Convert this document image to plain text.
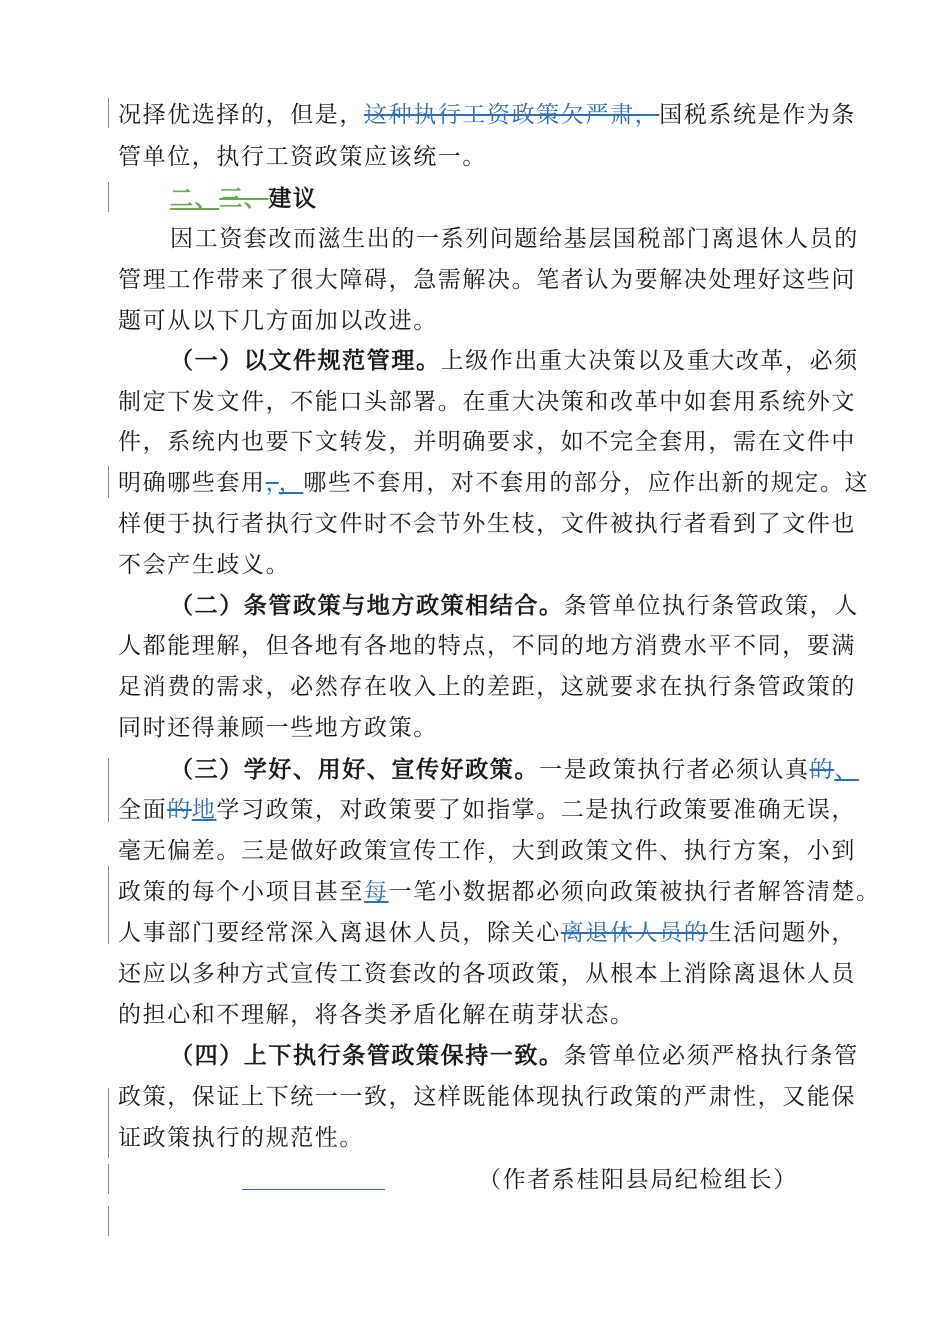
况择优选择的，但是，这种执行工资政策欠严肃，国税系统是作为条
管单位，执行工资政策应该统一。
二、三、建议
因工资套改而滋生出的一系列问题给基层国税部门离退休人员的
管理工作带来了很大障碍，急需解决。笔者认为要解决处理好这些问
题可从以下几方面加以改进。
（一）以文件规范管理。上级作出重大决策以及重大改革，必须
制定下发文件，不能口头部署。在重大决策和改革中如套用系统外文
件，系统内也要下文转发，并明确要求，如不完全套用，需在文件中
明确哪些套用，，哪些不套用，对不套用的部分，应作出新的规定。这
样便于执行者执行文件时不会节外生枝，文件被执行者看到了文件也
不会产生歧义。
（二）条管政策与地方政策相结合。条管单位执行条管政策，人
人都能理解，但各地有各地的特点，不同的地方消费水平不同，要满
足消费的需求，必然存在收入上的差距，这就要求在执行条管政策的
同时还得兼顾一些地方政策。
（三）学好、用好、宣传好政策。一是政策执行者必须认真的、
全面的地学习政策，对政策要了如指掌。二是执行政策要准确无误，
毫无偏差。三是做好政策宣传工作，大到政策文件、执行方案，小到
政策的每个小项目甚至每一笔小数据都必须向政策被执行者解答清楚。
人事部门要经常深入离退休人员，除关心离退休人员的生活问题外，
还应以多种方式宣传工资套改的各项政策，从根本上消除离退休人员
的担心和不理解，将各类矛盾化解在萌芽状态。
（四）上下执行条管政策保持一致。条管单位必须严格执行条管
政策，保证上下统一一致，这样既能体现执行政策的严肃性，又能保
证政策执行的规范性。
（作者系桂阳县局纪检组长）
